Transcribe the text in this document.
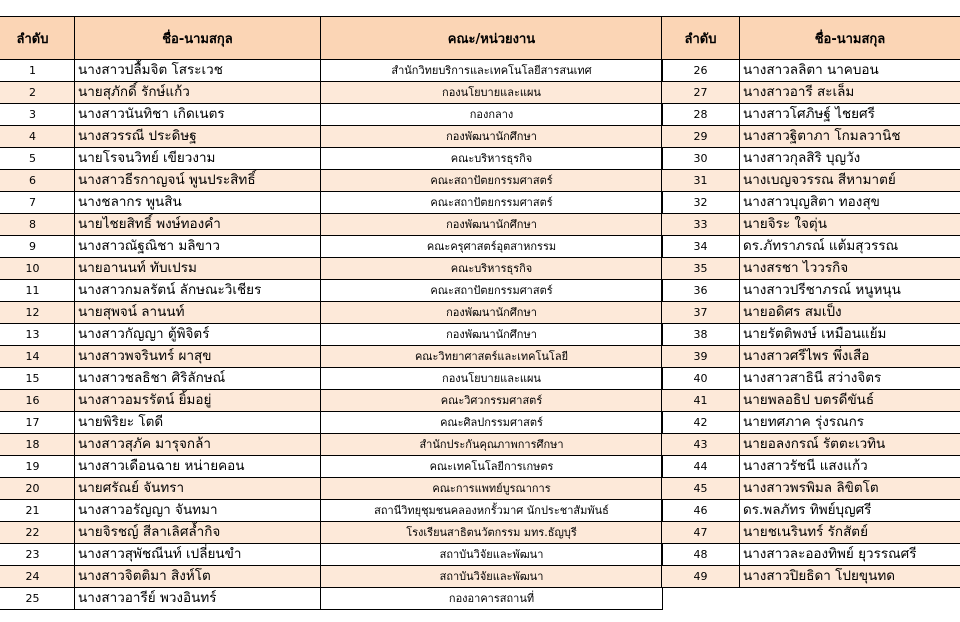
ลำดับ	ชื่อ-นามสกุล	คณะ/หน่วยงาน
1	นางสาวปลื้มจิต โสระเวช	สำนักวิทยบริการและเทคโนโลยีสารสนเทศ
2	นายสุภักดิ์ รักษ์แก้ว	กองนโยบายและแผน
3	นางสาวนันทิชา เกิดเนตร	กองกลาง
4	นางสวรรณี ประดิษฐ	กองพัฒนานักศึกษา
5	นายโรจนวิทย์ เขียวงาม	คณะบริหารธุรกิจ
6	นางสาวธีรกาญจน์ พูนประสิทธิ์	คณะสถาปัตยกรรมศาสตร์
7	นางชลากร พูนสิน	คณะสถาปัตยกรรมศาสตร์
8	นายไชยสิทธิ์ พงษ์ทองคำ	กองพัฒนานักศึกษา
9	นางสาวณัฐณิชา มลิขาว	คณะครุศาสตร์อุตสาหกรรม
10	นายอานนท์ ทับเปรม	คณะบริหารธุรกิจ
11	นางสาวกมลรัตน์ ลักษณะวิเชียร	คณะสถาปัตยกรรมศาสตร์
12	นายสุพจน์ ลานนท์	กองพัฒนานักศึกษา
13	นางสาวกัญญา ตู้พิจิตร์	กองพัฒนานักศึกษา
14	นางสาวพจรินทร์ ผาสุข	คณะวิทยาศาสตร์และเทคโนโลยี
15	นางสาวชลธิชา ศิริลักษณ์	กองนโยบายและแผน
16	นางสาวอมรรัตน์ ยิ้มอยู่	คณะวิศวกรรมศาสตร์
17	นายพิริยะ โตดี	คณะศิลปกรรมศาสตร์
18	นางสาวสุภัค มารุจกล้า	สำนักประกันคุณภาพการศึกษา
19	นางสาวเดือนฉาย หน่ายคอน	คณะเทคโนโลยีการเกษตร
20	นายศรัณย์ จันทรา	คณะการแพทย์บูรณาการ
21	นางสาวอรัญญา จันทมา	สถานีวิทยุชุมชนคลองหกรั้วมาศ นักประชาสัมพันธ์
22	นายจิรชญ์ สีลาเลิศล้ำกิจ	โรงเรียนสาธิตนวัตกรรม มทร.ธัญบุรี
23	นางสาวสุพัชณีนท์ เปลี่ยนขำ	สถาบันวิจัยและพัฒนา
24	นางสาวจิตติมา สิงห์โต	สถาบันวิจัยและพัฒนา
25	นางสาวอารีย์ พวงอินทร์	กองอาคารสถานที่
ลำดับ	ชื่อ-นามสกุล
26	นางสาวลลิตา นาคบอน
27	นางสาวอารี สะเล็ม
28	นางสาวโศภิษฐ์ ไชยศรี
29	นางสาวฐิตาภา โกมลวานิช
30	นางสาวกุลสิริ บุญวัง
31	นางเบญจวรรณ สีหามาตย์
32	นางสาวบุญสิตา ทองสุข
33	นายจิระ ใจตุ่น
34	ดร.ภัทราภรณ์ แต้มสุวรรณ
35	นางสรชา ไววรกิจ
36	นางสาวปรีชาภรณ์ หนูหนุน
37	นายอดิศร สมเป็ง
38	นายรัตติพงษ์ เหมือนแย้ม
39	นางสาวศรีไพร พึ่งเสือ
40	นางสาวสาธินี สว่างจิตร
41	นายพลอธิป บตรดีขันธ์
42	นายทศภาค รุ่งรณกร
43	นายอลงกรณ์ รัตตะเวทิน
44	นางสาวรัชนี แสงแก้ว
45	นางสาวพรพิมล ลิขิตโต
46	ดร.พลภัทร ทิพย์บุญศรี
47	นายชเนรินทร์ รักสัตย์
48	นางสาวละอองทิพย์ ยุวรรณศรี
49	นางสาวปิยธิดา โปยขุนทด
